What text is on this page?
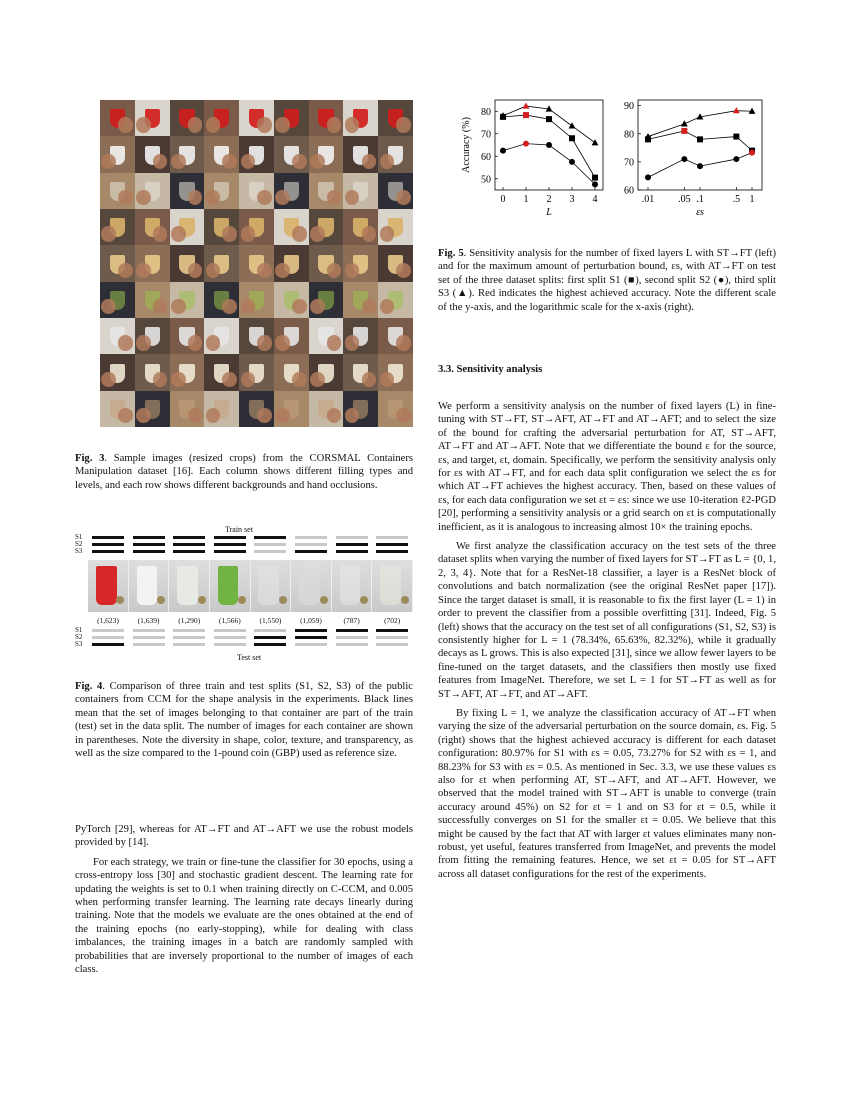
Fig. 3. Sample images (resized crops) from the CORSMAL Containers Manipulation dataset [16]. Each column shows different filling types and levels, and each row shows different backgrounds and hand occlusions.

Train set
Test set
S1
S2
S3
S1
S2
S3
(1,623)	(1,639)	(1,290)	(1,566)	(1,550)	(1,059)	(787)	(702)

Fig. 4. Comparison of three train and test splits (S1, S2, S3) of the public containers from CCM for the shape analysis in the experiments. Black lines mean that the set of images belonging to that container are part of the train (test) set in the data split. The number of images for each container are shown in parentheses. Note the diversity in shape, color, texture, and transparency, as well as the size compared to the 1-pound coin (GBP) used as reference size.

PyTorch [29], whereas for AT→FT and AT→AFT we use the robust models provided by [14].

For each strategy, we train or fine-tune the classifier for 30 epochs, using a cross-entropy loss [30] and stochastic gradient descent. The learning rate for updating the weights is set to 0.1 when training directly on C-CCM, and 0.005 when performing transfer learning. The learning rate decays linearly during training. Note that the models we evaluate are the ones obtained at the end of the training epochs (no early-stopping), while for dealing with class imbalances, the training images in a batch are randomly sampled with probabilities that are inversely proportional to the number of images of each class.

50
60
70
80
0 1 2 3 4
L
Accuracy (%)
60
70
80
90
.01 .05 .1	.5 1
εs

Fig. 5. Sensitivity analysis for the number of fixed layers L with ST→FT (left) and for the maximum amount of perturbation bound, εs, with AT→FT on test set of the three dataset splits: first split S1 (■), second split S2 (●), third split S3 (▲). Red indicates the highest achieved accuracy. Note the different scale of the y-axis, and the logarithmic scale for the x-axis (right).

3.3. Sensitivity analysis

We perform a sensitivity analysis on the number of fixed layers (L) in fine-tuning with ST→FT, ST→AFT, AT→FT and AT→AFT; and to select the size of the bound for crafting the adversarial perturbation for AT, ST→AFT, AT→FT and AT→AFT. Note that we differentiate the bound ε for the source, εs, and target, εt, domain. Specifically, we perform the sensitivity analysis only for εs with AT→FT, and for each data split configuration we select the εs for which AT→FT achieves the highest accuracy. Then, based on these values of εs, for each data configuration we set εt = εs: since we use 10-iteration ℓ2-PGD [20], performing a sensitivity analysis or a grid search on εt is computationally inefficient, as it is analogous to increasing almost 10× the training epochs.

We first analyze the classification accuracy on the test sets of the three dataset splits when varying the number of fixed layers for ST→FT as L = {0, 1, 2, 3, 4}. Note that for a ResNet-18 classifier, a layer is a ResNet block of convolutions and batch normalization (see the original ResNet paper [17]). Since the target dataset is small, it is reasonable to fix the first layer (L = 1) in order to prevent the classifier from a possible overfitting [31]. Indeed, Fig. 5 (left) shows that the accuracy on the test set of all configurations (S1, S2, S3) is consistently higher for L = 1 (78.34%, 65.63%, 82.32%), while it gradually decays as L grows. This is also expected [31], since we allow fewer layers to be fine-tuned on the target datasets, and the classifiers then mostly use fixed features from ImageNet. Therefore, we set L = 1 for ST→FT as well as for ST→AFT, AT→FT, and AT→AFT.

By fixing L = 1, we analyze the classification accuracy of AT→FT when varying the size of the adversarial perturbation on the source domain, εs. Fig. 5 (right) shows that the highest achieved accuracy is different for each dataset configuration: 80.97% for S1 with εs = 0.05, 73.27% for S2 with εs = 1, and 88.23% for S3 with εs = 0.5. As mentioned in Sec. 3.3, we use these values εs also for εt when performing AT, ST→AFT, and AT→AFT. However, we observed that the model trained with ST→AFT is unable to converge (train accuracy around 45%) on S2 for εt = 1 and on S3 for εt = 0.5, while it successfully converges on S1 for the smaller εt = 0.05. We believe that this might be caused by the fact that AT with larger εt values eliminates many non-robust, yet useful, features transferred from ImageNet, and prevents the model from fitting the remaining features. Hence, we set εt = 0.05 for ST→AFT across all dataset configurations for the rest of the experiments.
